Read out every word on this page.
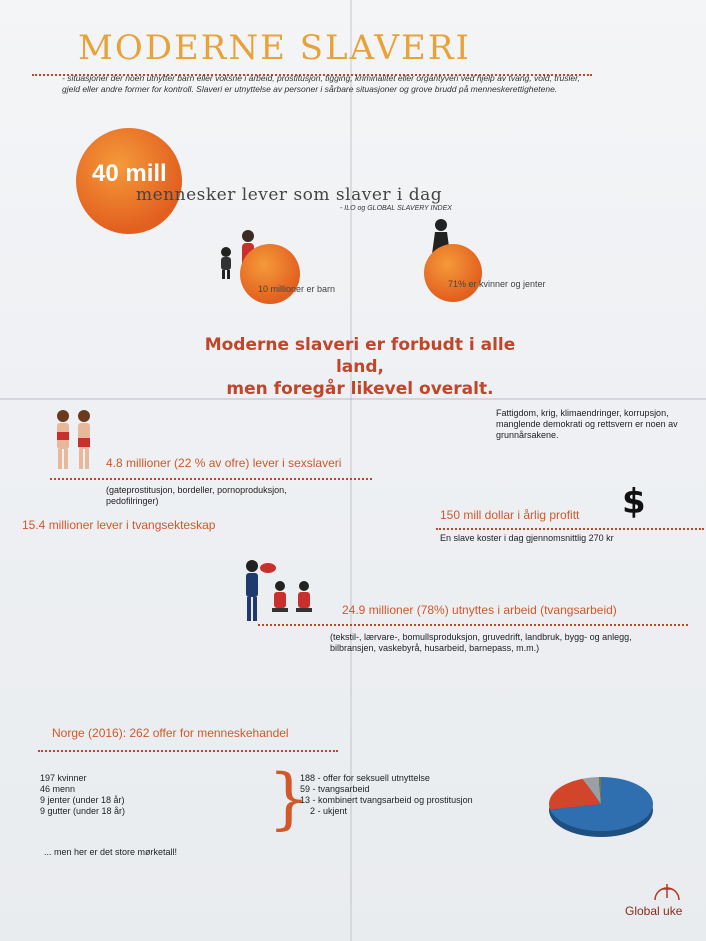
MODERNE SLAVERI
- situasjoner der noen utnytter barn eller voksne i arbeid, prostitusjon, tigging, kriminalitet eller organtyveri ved hjelp av tvang, vold, trusler, gjeld eller andre former for kontroll. Slaveri er utnyttelse av personer i sårbare situasjoner og grove brudd på menneskerettighetene.
40 mill
mennesker lever som slaver i dag
- ILO og GLOBAL SLAVERY INDEX
10 millioner er barn	71% er kvinner og jenter
Moderne slaveri er forbudt i alle land,
men foregår likevel overalt.
Fattigdom, krig, klimaendringer, korrupsjon, manglende demokrati og rettsvern er noen av grunnårsakene.
4.8 millioner (22 % av ofre) lever i sexslaveri
(gateprostitusjon, bordeller, pornoproduksjon, pedofilringer)
15.4 millioner lever i tvangsekteskap
$
150 mill dollar i årlig profitt
En slave koster i dag gjennomsnittlig 270 kr
24.9 millioner (78%) utnyttes i arbeid (tvangsarbeid)
(tekstil-, lærvare-, bomullsproduksjon, gruvedrift, landbruk, bygg- og anlegg, bilbransjen, vaskebyrå, husarbeid, barnepass, m.m.)
Norge (2016): 262 offer for menneskehandel
197 kvinner
46 menn
9 jenter (under 18 år)
9 gutter (under 18 år)
... men her er det store mørketall!
}
188 - offer for seksuell utnyttelse
59 - tvangsarbeid
13 - kombinert tvangsarbeid og prostitusjon
2 - ukjent
Global uke
